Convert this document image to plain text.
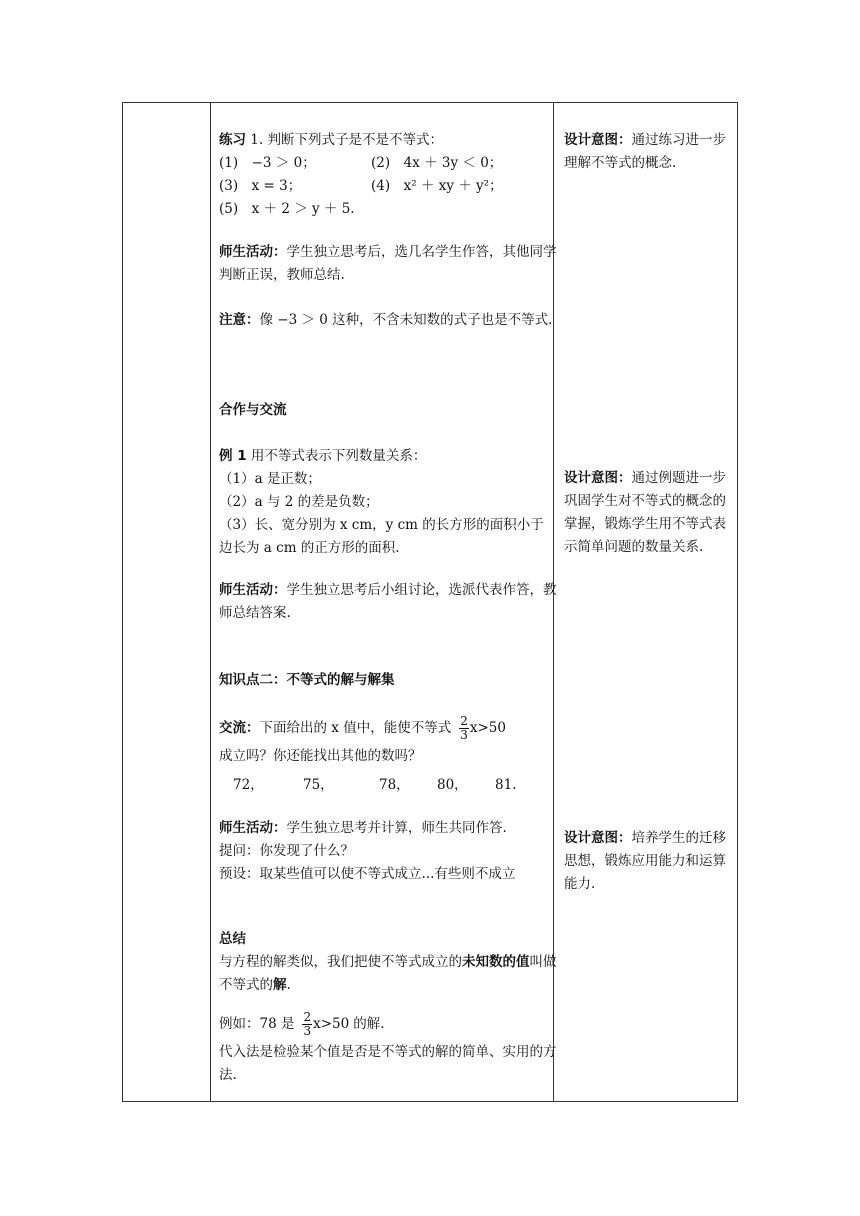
练习 1. 判断下列式子是不是不等式：
(1)　−3 ＞ 0；	(2)　4x ＋ 3y ＜ 0；
(3)　x = 3；	(4)　x² ＋ xy ＋ y²；
(5)　x ＋ 2 ＞ y ＋ 5.
师生活动：学生独立思考后，选几名学生作答，其他同学判断正误，教师总结.
注意：像 −3 ＞ 0 这种，不含未知数的式子也是不等式.
合作与交流
例 1 用不等式表示下列数量关系：
（1）a 是正数；
（2）a 与 2 的差是负数；
（3）长、宽分别为 x cm，y cm 的长方形的面积小于边长为 a cm 的正方形的面积.
师生活动：学生独立思考后小组讨论，选派代表作答，教师总结答案.
知识点二：不等式的解与解集
交流： 下面给出的 x 值中，能使不等式 $\frac{2}{3} x>50$
成立吗？你还能找出其他的数吗？
72，	75，	78，	80，	81.
师生活动：学生独立思考并计算，师生共同作答.
提问：你发现了什么？
预设：取某些值可以使不等式成立...有些则不成立
总结
与方程的解类似，我们把使不等式成立的未知数的值叫做不等式的解.
例如：78 是 $\frac{2}{3} x>50$ 的解.
代入法是检验某个值是否是不等式的解的简单、实用的方法.
设计意图：通过练习进一步理解不等式的概念.
设计意图：通过例题进一步巩固学生对不等式的概念的掌握，锻炼学生用不等式表示简单问题的数量关系.
设计意图：培养学生的迁移思想，锻炼应用能力和运算能力.
